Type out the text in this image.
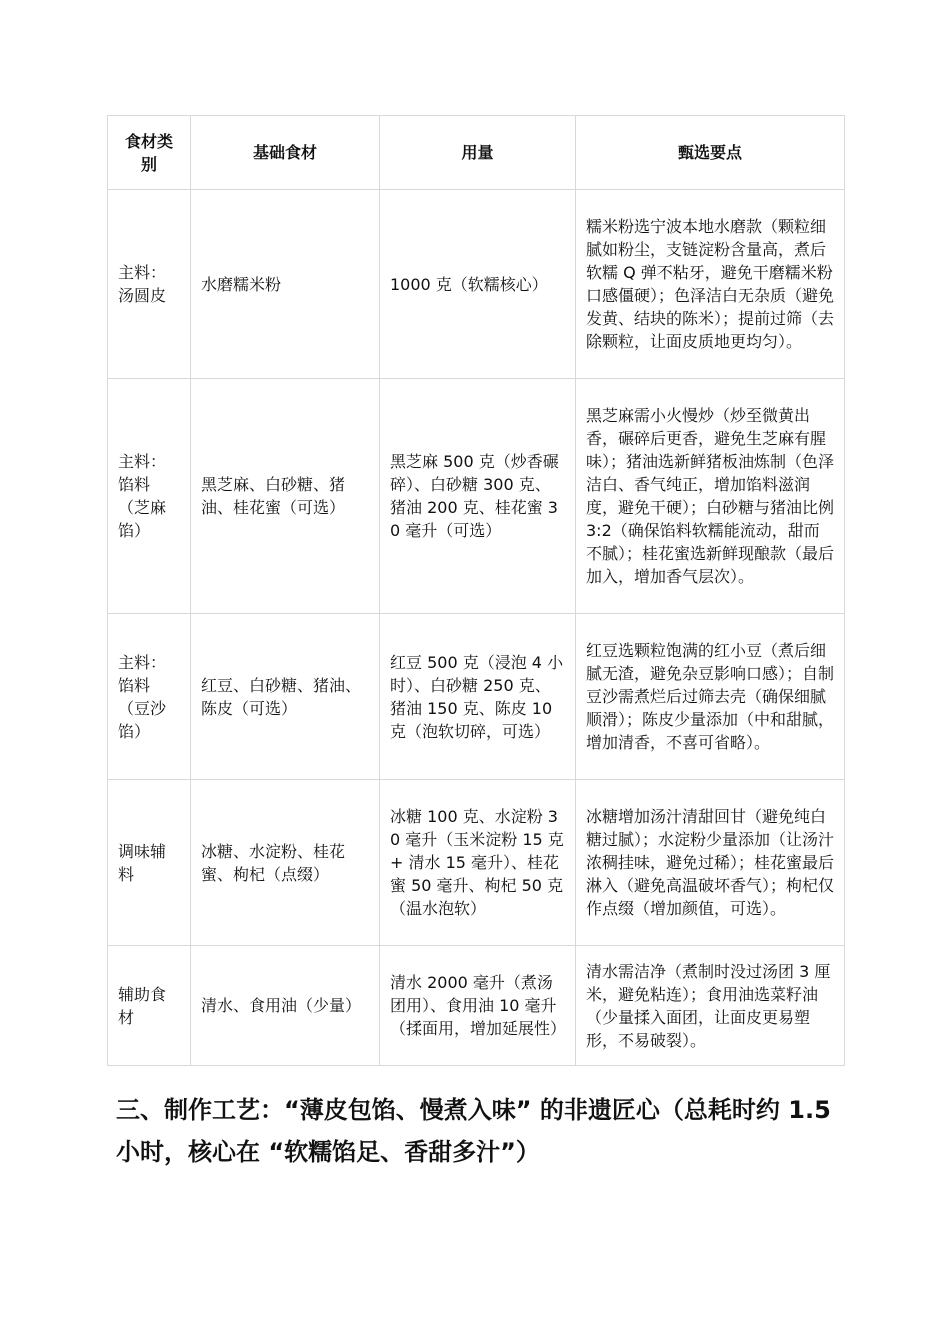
食材类别	基础食材	用量	甄选要点
主料：汤圆皮	水磨糯米粉	1000 克（软糯核心）	糯米粉选宁波本地水磨款（颗粒细腻如粉尘，支链淀粉含量高，煮后软糯 Q 弹不粘牙，避免干磨糯米粉口感僵硬）；色泽洁白无杂质（避免发黄、结块的陈米）；提前过筛（去除颗粒，让面皮质地更均匀）。
主料：馅料（芝麻馅）	黑芝麻、白砂糖、猪油、桂花蜜（可选）	黑芝麻 500 克（炒香碾碎）、白砂糖 300 克、猪油 200 克、桂花蜜 30 毫升（可选）	黑芝麻需小火慢炒（炒至微黄出香，碾碎后更香，避免生芝麻有腥味）；猪油选新鲜猪板油炼制（色泽洁白、香气纯正，增加馅料滋润度，避免干硬）；白砂糖与猪油比例 3:2（确保馅料软糯能流动，甜而不腻）；桂花蜜选新鲜现酿款（最后加入，增加香气层次）。
主料：馅料（豆沙馅）	红豆、白砂糖、猪油、陈皮（可选）	红豆 500 克（浸泡 4 小时）、白砂糖 250 克、猪油 150 克、陈皮 10 克（泡软切碎，可选）	红豆选颗粒饱满的红小豆（煮后细腻无渣，避免杂豆影响口感）；自制豆沙需煮烂后过筛去壳（确保细腻顺滑）；陈皮少量添加（中和甜腻，增加清香，不喜可省略）。
调味辅料	冰糖、水淀粉、桂花蜜、枸杞（点缀）	冰糖 100 克、水淀粉 30 毫升（玉米淀粉 15 克 + 清水 15 毫升）、桂花蜜 50 毫升、枸杞 50 克（温水泡软）	冰糖增加汤汁清甜回甘（避免纯白糖过腻）；水淀粉少量添加（让汤汁浓稠挂味，避免过稀）；桂花蜜最后淋入（避免高温破坏香气）；枸杞仅作点缀（增加颜值，可选）。
辅助食材	清水、食用油（少量）	清水 2000 毫升（煮汤团用）、食用油 10 毫升（揉面用，增加延展性）	清水需洁净（煮制时没过汤团 3 厘米，避免粘连）；食用油选菜籽油（少量揉入面团，让面皮更易塑形，不易破裂）。
三、制作工艺：“薄皮包馅、慢煮入味” 的非遗匠心（总耗时约 1.5 小时，核心在 “软糯馅足、香甜多汁”）
